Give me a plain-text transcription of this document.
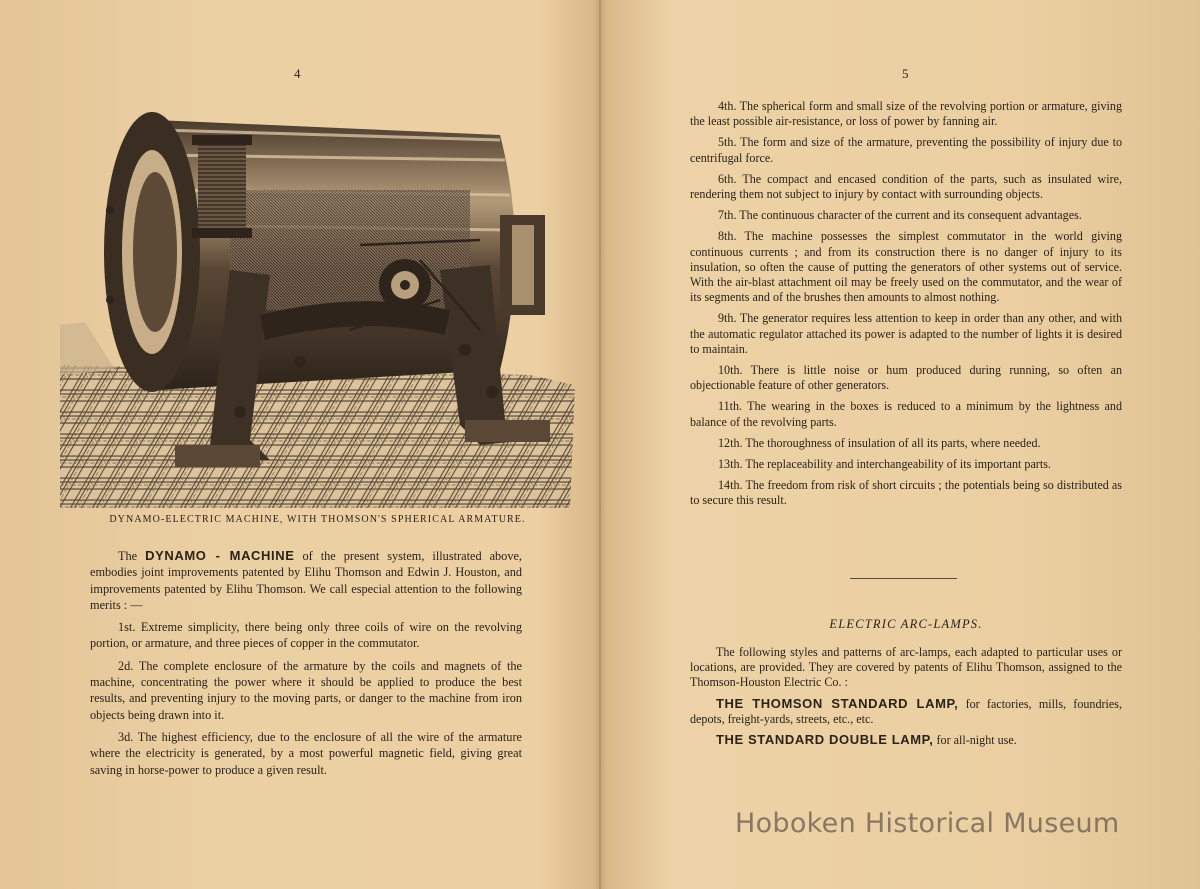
4
DYNAMO-ELECTRIC MACHINE, WITH THOMSON'S SPHERICAL ARMATURE.

The DYNAMO - MACHINE of the present system, illustrated above, embodies joint improvements patented by Elihu Thomson and Edwin J. Houston, and improvements patented by Elihu Thomson. We call especial attention to the following merits : —

1st. Extreme simplicity, there being only three coils of wire on the revolving portion, or armature, and three pieces of copper in the commutator.

2d. The complete enclosure of the armature by the coils and magnets of the machine, concentrating the power where it should be applied to produce the best results, and preventing injury to the moving parts, or danger to the machine from iron objects being drawn into it.

3d. The highest efficiency, due to the enclosure of all the wire of the armature where the electricity is generated, by a most powerful magnetic field, giving great saving in horse-power to produce a given result.

5

4th. The spherical form and small size of the revolving portion or armature, giving the least possible air-resistance, or loss of power by fanning air.

5th. The form and size of the armature, preventing the possibility of injury due to centrifugal force.

6th. The compact and encased condition of the parts, such as insulated wire, rendering them not subject to injury by contact with surrounding objects.

7th. The continuous character of the current and its consequent advantages.

8th. The machine possesses the simplest commutator in the world giving continuous currents ; and from its construction there is no danger of injury to its insulation, so often the cause of putting the generators of other systems out of service. With the air-blast attachment oil may be freely used on the commutator, and the wear of its segments and of the brushes then amounts to almost nothing.

9th. The generator requires less attention to keep in order than any other, and with the automatic regulator attached its power is adapted to the number of lights it is desired to maintain.

10th. There is little noise or hum produced during running, so often an objectionable feature of other generators.

11th. The wearing in the boxes is reduced to a minimum by the lightness and balance of the revolving parts.

12th. The thoroughness of insulation of all its parts, where needed.

13th. The replaceability and interchangeability of its important parts.

14th. The freedom from risk of short circuits ; the potentials being so distributed as to secure this result.

ELECTRIC ARC-LAMPS.

The following styles and patterns of arc-lamps, each adapted to particular uses or locations, are provided. They are covered by patents of Elihu Thomson, assigned to the Thomson-Houston Electric Co. :

THE THOMSON STANDARD LAMP, for factories, mills, foundries, depots, freight-yards, streets, etc., etc.

THE STANDARD DOUBLE LAMP, for all-night use.

Hoboken Historical Museum
